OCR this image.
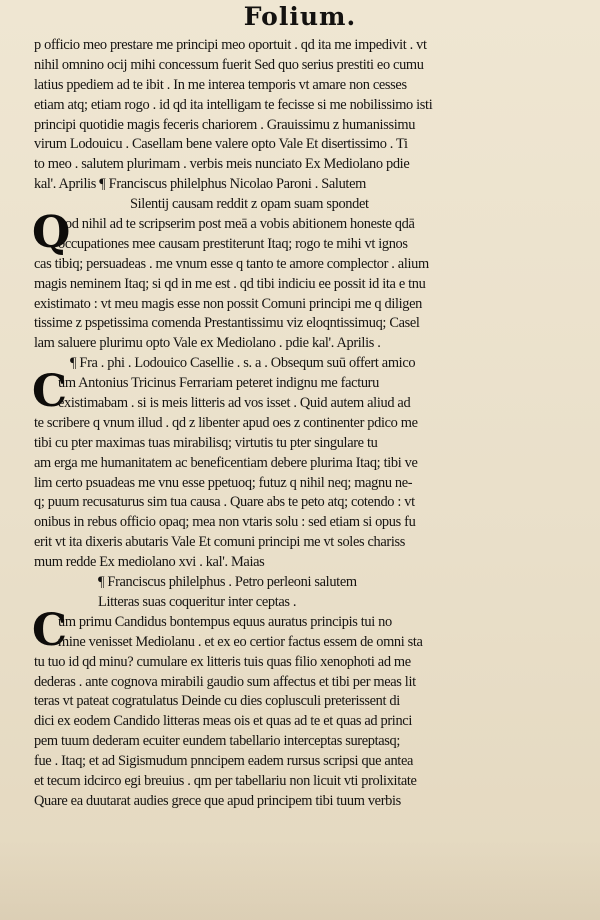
Folium.
p officio meo prestare me principi meo oportuit . qd ita me impedivit . vt
nihil omnino ocij mihi concessum fuerit Sed quo serius prestiti eo cumu
latius ppediem ad te ibit . In me interea temporis vt amare non cesses
etiam atq; etiam rogo . id qd ita intelligam te fecisse si me nobilissimo isti
principi quotidie magis feceris chariorem . Grauissimu z humanissimu
virum Lodouicu . Casellam bene valere opto Vale Et disertissimo . Ti
to meo . salutem plurimam . verbis meis nunciato Ex Mediolano pdie
kal'. Aprilis ¶ Franciscus philelphus Nicolao Paroni . Salutem
Silentij causam reddit z opam suam spondet
Q
uod nihil ad te scripserim post meā a vobis abitionem honeste qdā
occupationes mee causam prestiterunt Itaq; rogo te mihi vt ignos
cas tibiq; persuadeas . me vnum esse q tanto te amore complector . alium
magis neminem Itaq; si qd in me est . qd tibi indiciu ee possit id ita e tnu
existimato : vt meu magis esse non possit Comuni principi me q diligen
tissime z pspetissima comenda Prestantissimu viz eloqntissimuq; Casel
lam saluere plurimu opto Vale ex Mediolano . pdie kal'. Aprilis .
¶ Fra . phi . Lodouico Casellie . s. a . Obsequm suū offert amico
C
um Antonius Tricinus Ferrariam peteret indignu me facturu
existimabam . si is meis litteris ad vos isset . Quid autem aliud ad
te scribere q vnum illud . qd z libenter apud oes z continenter pdico me
tibi cu pter maximas tuas mirabilisq; virtutis tu pter singulare tu
am erga me humanitatem ac beneficentiam debere plurima Itaq; tibi ve
lim certo psuadeas me vnu esse ppetuoq; futuz q nihil neq; magnu ne-
q; puum recusaturus sim tua causa . Quare abs te peto atq; cotendo : vt
onibus in rebus officio opaq; mea non vtaris solu : sed etiam si opus fu
erit vt ita dixeris abutaris Vale Et comuni principi me vt soles chariss
mum redde Ex mediolano xvi . kal'. Maias
¶ Franciscus philelphus . Petro perleoni salutem
Litteras suas coqueritur inter ceptas .
C
um primu Candidus bontempus equus auratus principis tui no
mine venisset Mediolanu . et ex eo certior factus essem de omni sta
tu tuo id qd minu? cumulare ex litteris tuis quas filio xenophoti ad me
dederas . ante cognova mirabili gaudio sum affectus et tibi per meas lit
teras vt pateat cogratulatus Deinde cu dies coplusculi preterissent di
dici ex eodem Candido litteras meas ois et quas ad te et quas ad princi
pem tuum dederam ecuiter eundem tabellario interceptas sureptasq;
fue . Itaq; et ad Sigismudum pnncipem eadem rursus scripsi que antea
et tecum idcirco egi breuius . qm per tabellariu non licuit vti prolixitate
Quare ea duutarat audies grece que apud principem tibi tuum verbis
